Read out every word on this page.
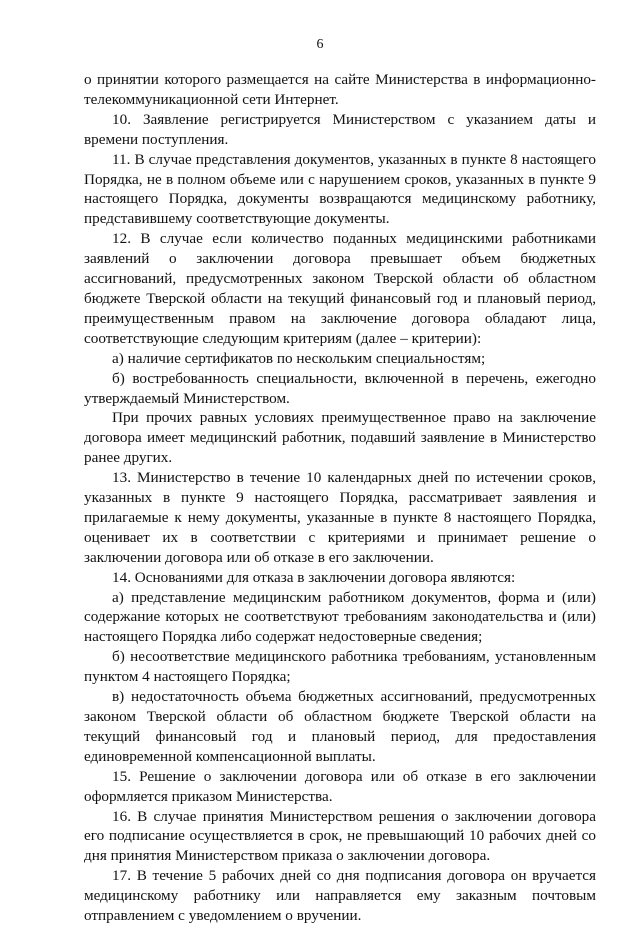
6

о принятии которого размещается на сайте Министерства в информационно-телекоммуникационной сети Интернет.

10. Заявление регистрируется Министерством с указанием даты и времени поступления.

11. В случае представления документов, указанных в пункте 8 настоящего Порядка, не в полном объеме или с нарушением сроков, указанных в пункте 9 настоящего Порядка, документы возвращаются медицинскому работнику, представившему соответствующие документы.

12. В случае если количество поданных медицинскими работниками заявлений о заключении договора превышает объем бюджетных ассигнований, предусмотренных законом Тверской области об областном бюджете Тверской области на текущий финансовый год и плановый период, преимущественным правом на заключение договора обладают лица, соответствующие следующим критериям (далее – критерии):

а) наличие сертификатов по нескольким специальностям;

б) востребованность специальности, включенной в перечень, ежегодно утверждаемый Министерством.

При прочих равных условиях преимущественное право на заключение договора имеет медицинский работник, подавший заявление в Министерство ранее других.

13. Министерство в течение 10 календарных дней по истечении сроков, указанных в пункте 9 настоящего Порядка, рассматривает заявления и прилагаемые к нему документы, указанные в пункте 8 настоящего Порядка, оценивает их в соответствии с критериями и принимает решение о заключении договора или об отказе в его заключении.

14. Основаниями для отказа в заключении договора являются:

а) представление медицинским работником документов, форма и (или) содержание которых не соответствуют требованиям законодательства и (или) настоящего Порядка либо содержат недостоверные сведения;

б) несоответствие медицинского работника требованиям, установленным пунктом 4 настоящего Порядка;

в) недостаточность объема бюджетных ассигнований, предусмотренных законом Тверской области об областном бюджете Тверской области на текущий финансовый год и плановый период, для предоставления единовременной компенсационной выплаты.

15. Решение о заключении договора или об отказе в его заключении оформляется приказом Министерства.

16. В случае принятия Министерством решения о заключении договора его подписание осуществляется в срок, не превышающий 10 рабочих дней со дня принятия Министерством приказа о заключении договора.

17. В течение 5 рабочих дней со дня подписания договора он вручается медицинскому работнику или направляется ему заказным почтовым отправлением с уведомлением о вручении.
